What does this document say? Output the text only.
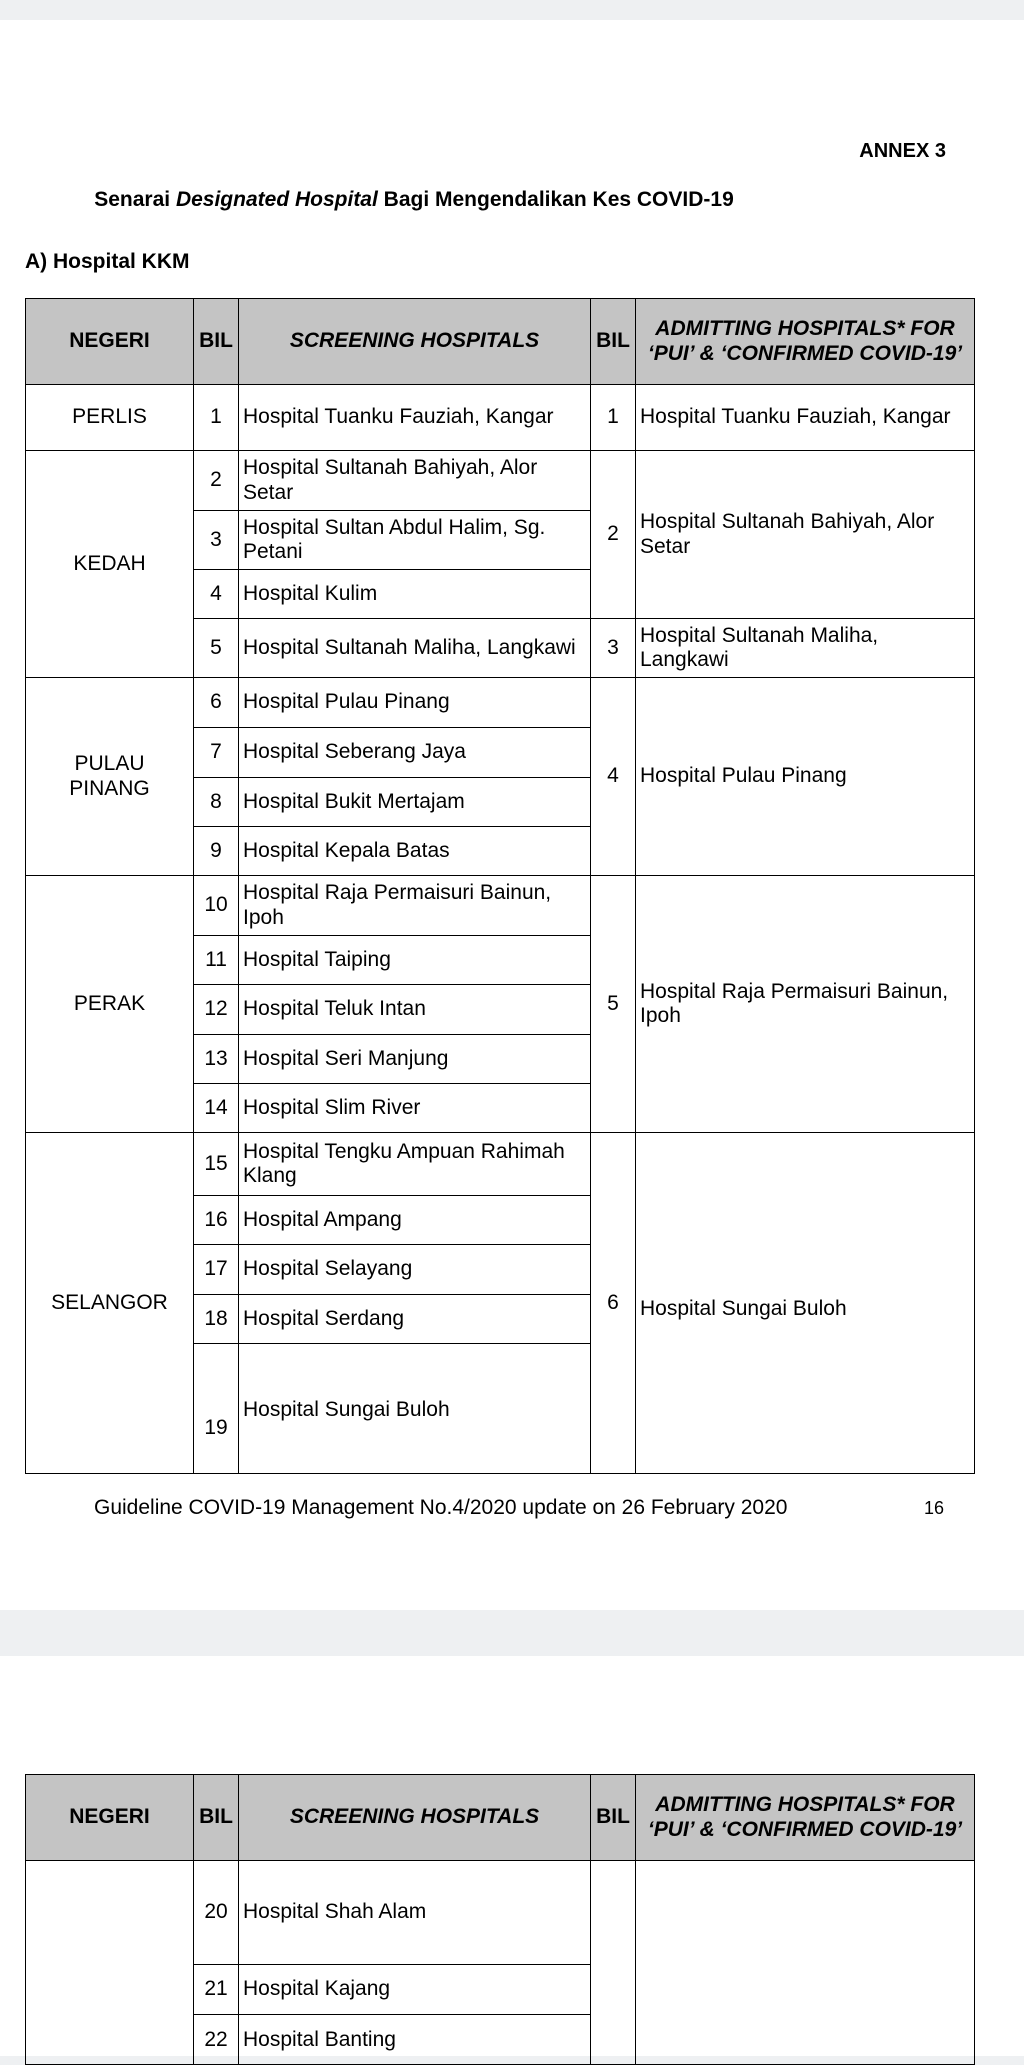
ANNEX 3
Senarai Designated Hospital Bagi Mengendalikan Kes COVID-19
A) Hospital KKM
NEGERI	BIL	SCREENING HOSPITALS	BIL	ADMITTING HOSPITALS* FOR ‘PUI’ & ‘CONFIRMED COVID-19’
PERLIS	1	Hospital Tuanku Fauziah, Kangar	1	Hospital Tuanku Fauziah, Kangar
KEDAH	2	Hospital Sultanah Bahiyah, Alor Setar	2	Hospital Sultanah Bahiyah, Alor Setar
	3	Hospital Sultan Abdul Halim, Sg. Petani		
	4	Hospital Kulim		
	5	Hospital Sultanah Maliha, Langkawi	3	Hospital Sultanah Maliha, Langkawi
PULAU PINANG	6	Hospital Pulau Pinang	4	Hospital Pulau Pinang
	7	Hospital Seberang Jaya		
	8	Hospital Bukit Mertajam		
	9	Hospital Kepala Batas		
PERAK	10	Hospital Raja Permaisuri Bainun, Ipoh	5	Hospital Raja Permaisuri Bainun, Ipoh
	11	Hospital Taiping		
	12	Hospital Teluk Intan		
	13	Hospital Seri Manjung		
	14	Hospital Slim River		
SELANGOR	15	Hospital Tengku Ampuan Rahimah Klang	6	Hospital Sungai Buloh
	16	Hospital Ampang		
	17	Hospital Selayang		
	18	Hospital Serdang		
	19	Hospital Sungai Buloh		
Guideline COVID-19 Management No.4/2020 update on 26 February 2020	16
NEGERI	BIL	SCREENING HOSPITALS	BIL	ADMITTING HOSPITALS* FOR ‘PUI’ & ‘CONFIRMED COVID-19’
	20	Hospital Shah Alam		
	21	Hospital Kajang		
	22	Hospital Banting		
